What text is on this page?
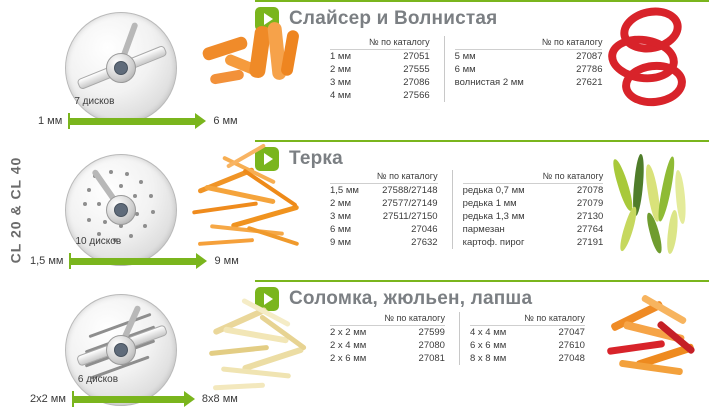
CL 20 & CL 40
Слайсер и Волнистая
	№ по каталогу
1 мм	27051
2 мм	27555
3 мм	27086
4 мм	27566
	№ по каталогу
5 мм	27087
6 мм	27786
волнистая 2 мм	27621
1 мм
7 дисков
6 мм
Терка
	№ по каталогу
1,5 мм	27588/27148
2 мм	27577/27149
3 мм	27511/27150
6 мм	27046
9 мм	27632
	№ по каталогу
редька 0,7 мм	27078
редька 1 мм	27079
редька 1,3 мм	27130
пармезан	27764
картоф. пирог	27191
1,5 мм
10 дисков
9 мм
Соломка, жюльен, лапша
	№ по каталогу
2 x 2 мм	27599
2 x 4 мм	27080
2 x 6 мм	27081
	№ по каталогу
4 x 4 мм	27047
6 x 6 мм	27610
8 x 8 мм	27048
2x2 мм
6 дисков
8x8 мм
